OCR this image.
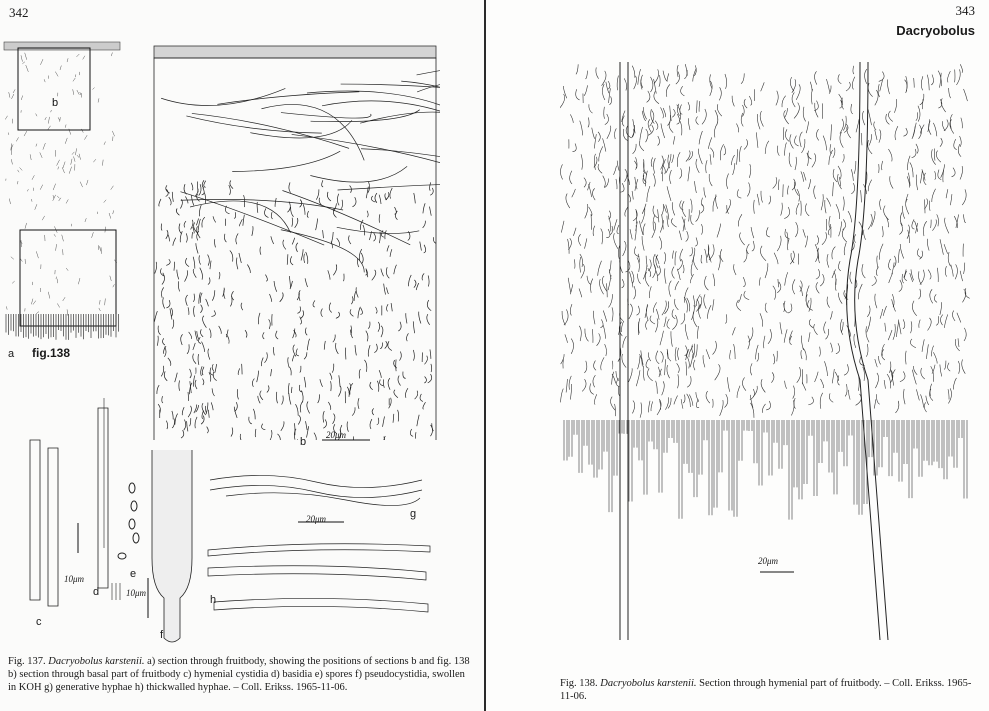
342
b
a fig.138
b
20μm
c
d
e
10μm
f
10μm
g
20μm
h
Fig. 137. Dacryobolus karstenii. a) section through fruitbody, showing the positions of sections b and fig. 138 b) section through basal part of fruitbody c) hymenial cystidia d) basidia e) spores f) pseudocystidia, swollen in KOH g) generative hyphae h) thickwalled hyphae. – Coll. Erikss. 1965-11-06.
343
Dacryobolus
20μm
Fig. 138. Dacryobolus karstenii. Section through hymenial part of fruitbody. – Coll. Erikss. 1965-11-06.
